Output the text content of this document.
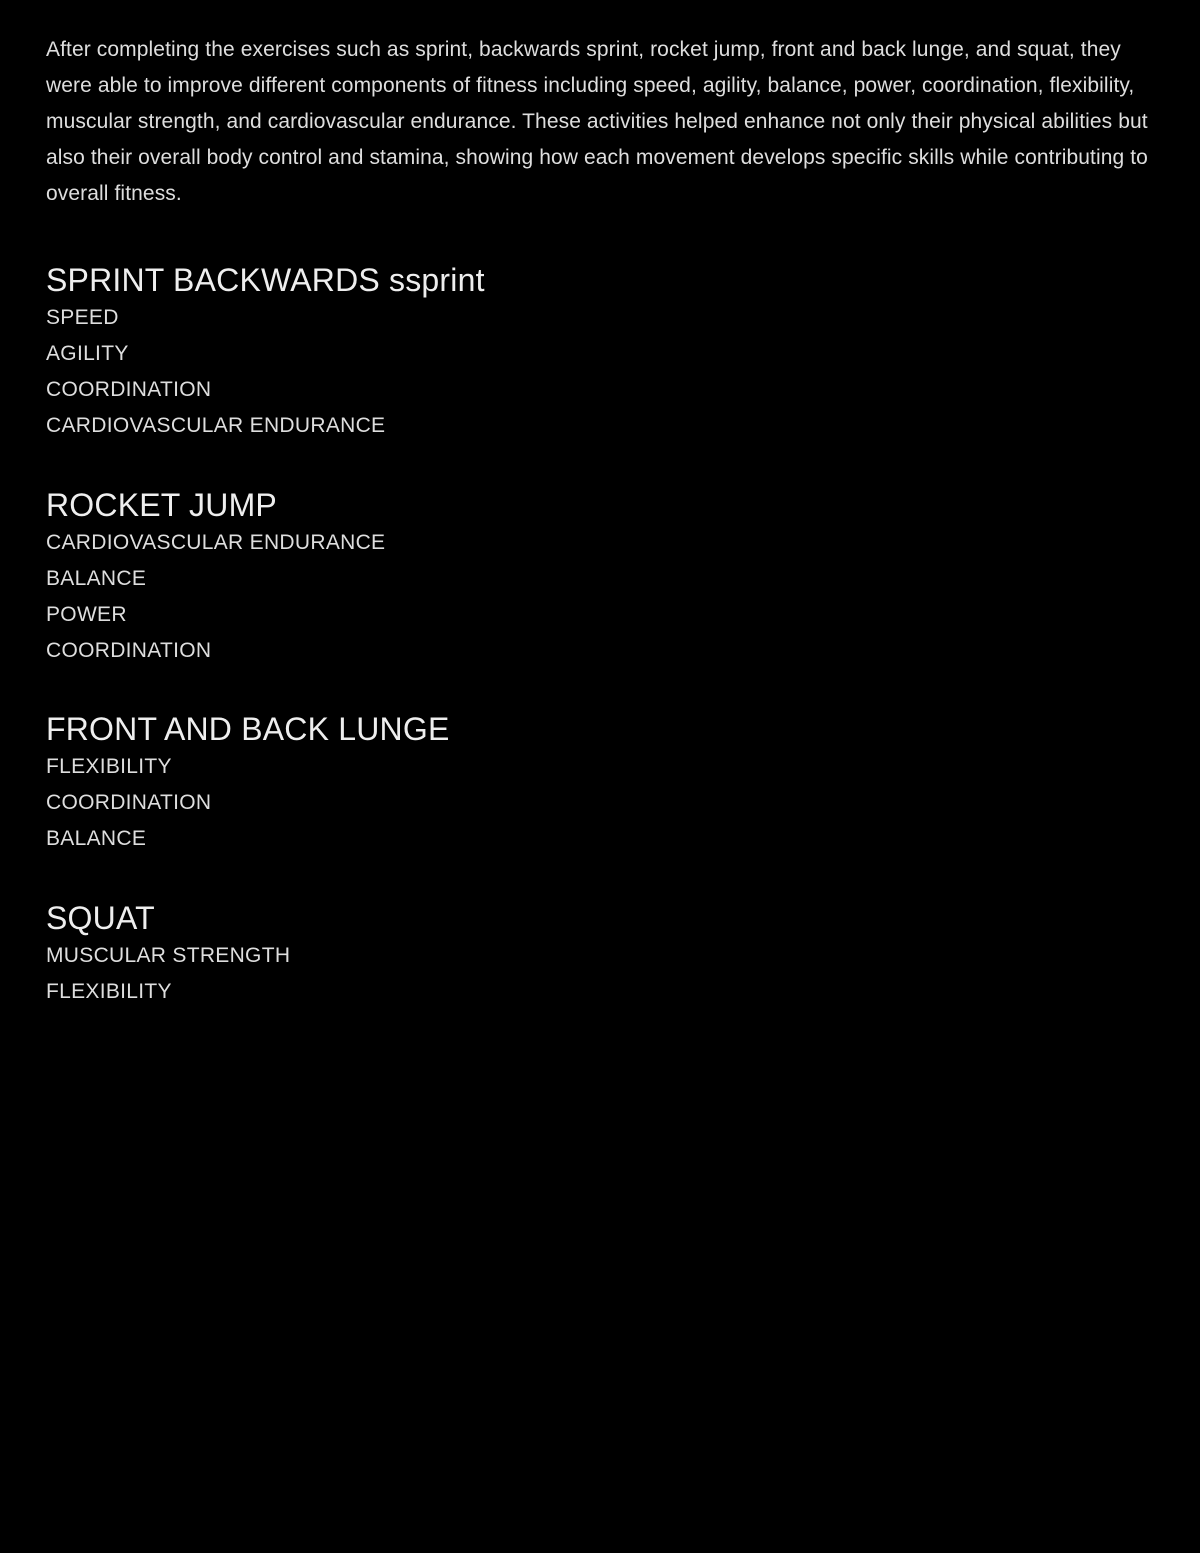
After completing the exercises such as sprint, backwards sprint, rocket jump, front and back lunge, and squat, they were able to improve different components of fitness including speed, agility, balance, power, coordination, flexibility, muscular strength, and cardiovascular endurance. These activities helped enhance not only their physical abilities but also their overall body control and stamina, showing how each movement develops specific skills while contributing to overall fitness.

SPRINT BACKWARDS ssprint
SPEED
AGILITY
COORDINATION
CARDIOVASCULAR ENDURANCE
ROCKET JUMP
CARDIOVASCULAR ENDURANCE
BALANCE
POWER
COORDINATION
FRONT AND BACK LUNGE
FLEXIBILITY
COORDINATION
BALANCE
SQUAT
MUSCULAR STRENGTH
FLEXIBILITY
